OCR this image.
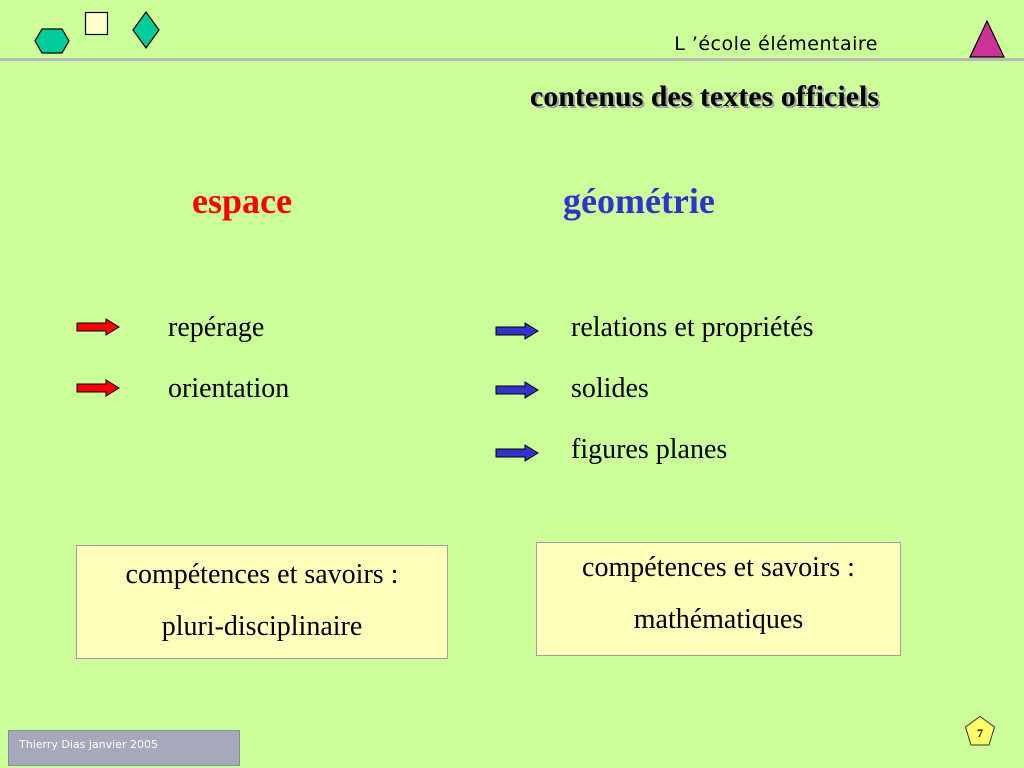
L ’école élémentaire
contenus des textes officiels
espace	géométrie
repérage
orientation
relations et propriétés
solides
figures planes
compétences et savoirs :
pluri-disciplinaire
compétences et savoirs :
mathématiques
Thierry Dias janvier 2005
7
